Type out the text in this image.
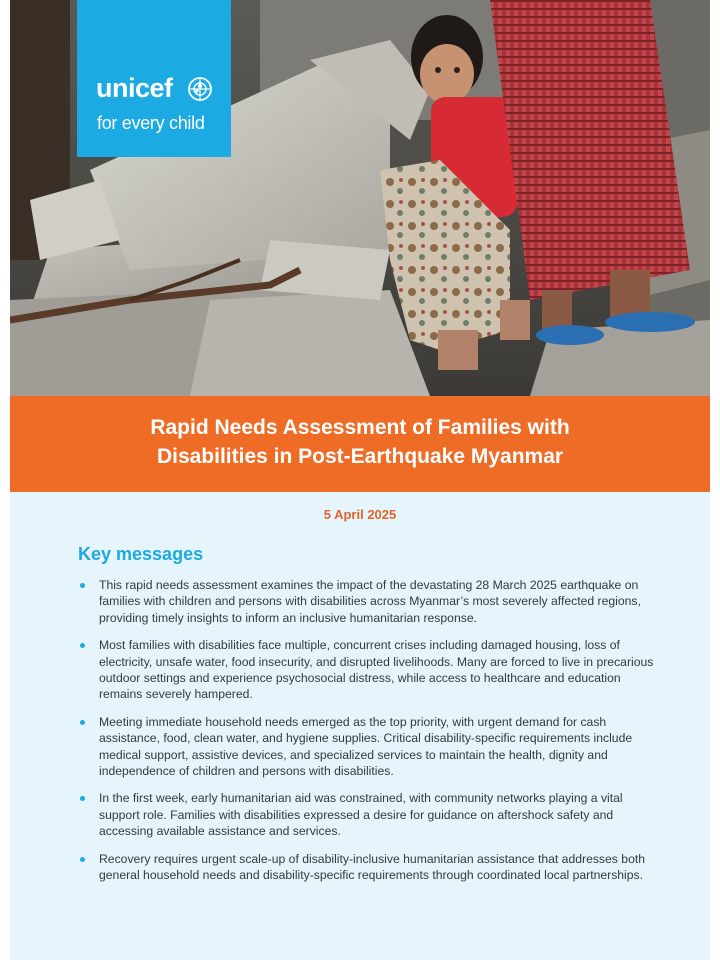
unicef
for every child
Rapid Needs Assessment of Families with
Disabilities in Post-Earthquake Myanmar
5 April 2025
Key messages
This rapid needs assessment examines the impact of the devastating 28 March 2025 earthquake on families with children and persons with disabilities across Myanmar’s most severely affected regions, providing timely insights to inform an inclusive humanitarian response.
Most families with disabilities face multiple, concurrent crises including damaged housing, loss of electricity, unsafe water, food insecurity, and disrupted livelihoods. Many are forced to live in precarious outdoor settings and experience psychosocial distress, while access to healthcare and education remains severely hampered.
Meeting immediate household needs emerged as the top priority, with urgent demand for cash assistance, food, clean water, and hygiene supplies. Critical disability-specific requirements include medical support, assistive devices, and specialized services to maintain the health, dignity and independence of children and persons with disabilities.
In the first week, early humanitarian aid was constrained, with community networks playing a vital support role. Families with disabilities expressed a desire for guidance on aftershock safety and accessing available assistance and services.
Recovery requires urgent scale-up of disability-inclusive humanitarian assistance that addresses both general household needs and disability-specific requirements through coordinated local partnerships.
